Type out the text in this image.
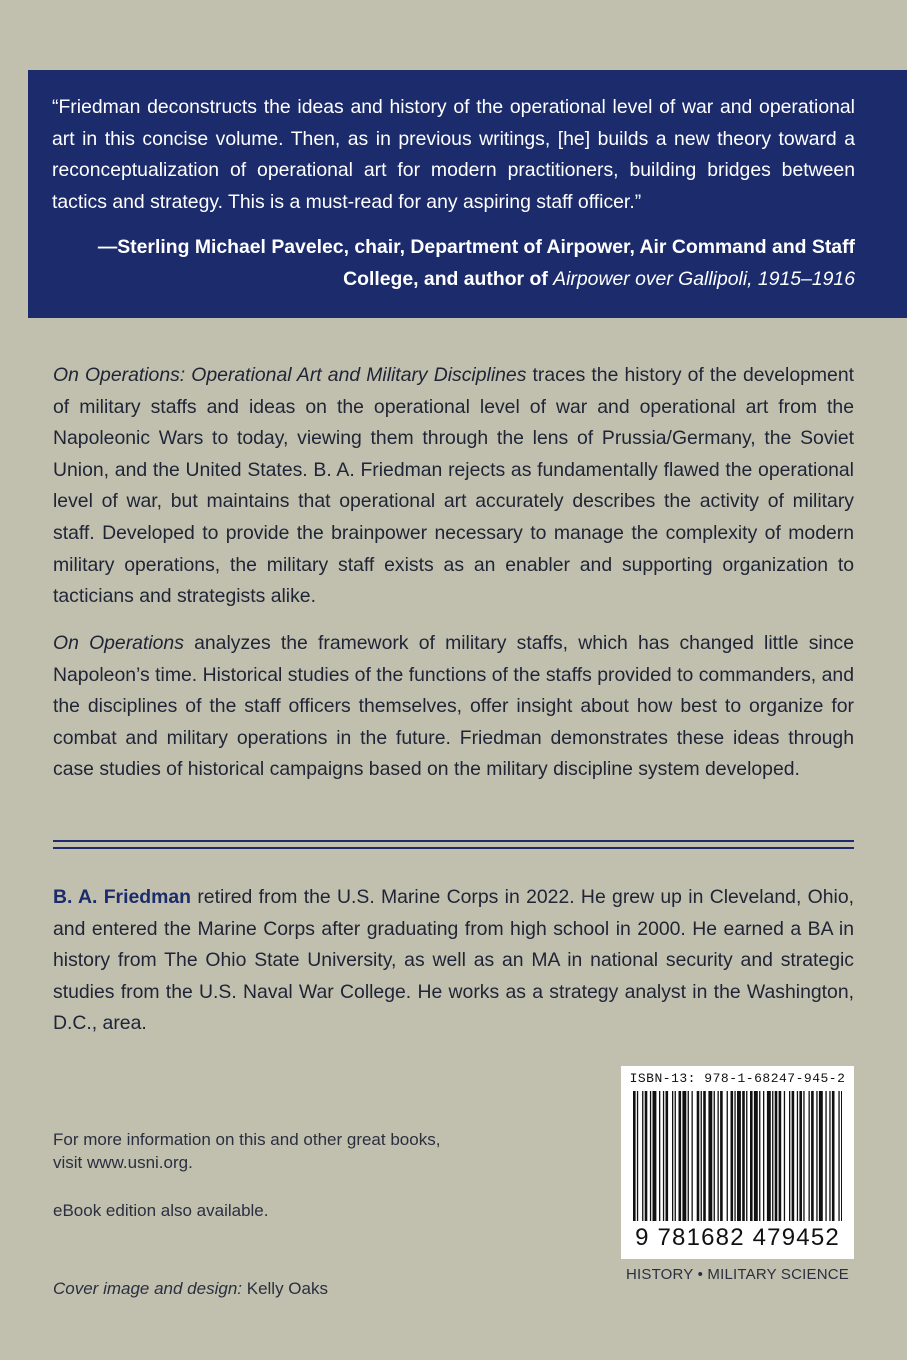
“Friedman deconstructs the ideas and history of the operational level of war and operational art in this concise volume. Then, as in previous writings, [he] builds a new theory toward a reconceptualization of operational art for modern practitioners, building bridges between tactics and strategy. This is a must-read for any aspiring staff officer.”

—Sterling Michael Pavelec, chair, Department of Airpower, Air Command and Staff College, and author of Airpower over Gallipoli, 1915–1916

On Operations: Operational Art and Military Disciplines traces the history of the development of military staffs and ideas on the operational level of war and operational art from the Napoleonic Wars to today, viewing them through the lens of Prussia/Germany, the Soviet Union, and the United States. B. A. Friedman rejects as fundamentally flawed the operational level of war, but maintains that operational art accurately describes the activity of military staff. Developed to provide the brainpower necessary to manage the complexity of modern military operations, the military staff exists as an enabler and supporting organization to tacticians and strategists alike.

On Operations analyzes the framework of military staffs, which has changed little since Napoleon’s time. Historical studies of the functions of the staffs provided to commanders, and the disciplines of the staff officers themselves, offer insight about how best to organize for combat and military operations in the future. Friedman demonstrates these ideas through case studies of historical campaigns based on the military discipline system developed.

B. A. Friedman retired from the U.S. Marine Corps in 2022. He grew up in Cleveland, Ohio, and entered the Marine Corps after graduating from high school in 2000. He earned a BA in history from The Ohio State University, as well as an MA in national security and strategic studies from the U.S. Naval War College. He works as a strategy analyst in the Washington, D.C., area.

For more information on this and other great books,
visit www.usni.org.
eBook edition also available.
Cover image and design: Kelly Oaks
ISBN-13: 978-1-68247-945-2
9 781682 479452
HISTORY • MILITARY SCIENCE
